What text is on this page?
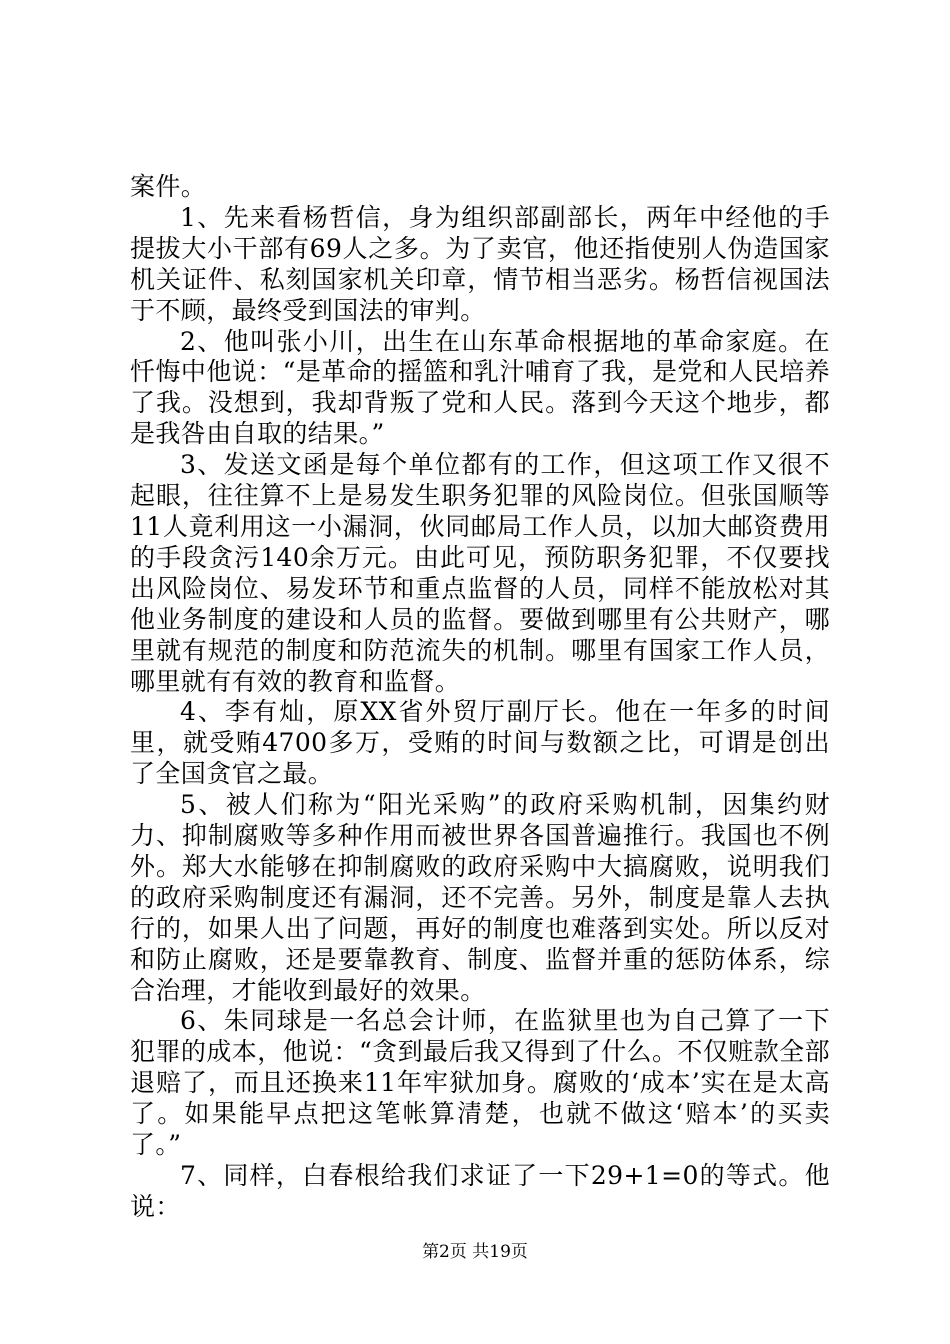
案件。

1、先来看杨哲信，身为组织部副部长，两年中经他的手提拔大小干部有69人之多。为了卖官，他还指使别人伪造国家机关证件、私刻国家机关印章，情节相当恶劣。杨哲信视国法于不顾，最终受到国法的审判。

2、他叫张小川，出生在山东革命根据地的革命家庭。在忏悔中他说：“是革命的摇篮和乳汁哺育了我，是党和人民培养了我。没想到，我却背叛了党和人民。落到今天这个地步，都是我咎由自取的结果。”

3、发送文函是每个单位都有的工作，但这项工作又很不起眼，往往算不上是易发生职务犯罪的风险岗位。但张国顺等11人竟利用这一小漏洞，伙同邮局工作人员，以加大邮资费用的手段贪污140余万元。由此可见，预防职务犯罪，不仅要找出风险岗位、易发环节和重点监督的人员，同样不能放松对其他业务制度的建设和人员的监督。要做到哪里有公共财产，哪里就有规范的制度和防范流失的机制。哪里有国家工作人员，哪里就有有效的教育和监督。

4、李有灿，原XX省外贸厅副厅长。他在一年多的时间里，就受贿4700多万，受贿的时间与数额之比，可谓是创出了全国贪官之最。

5、被人们称为“阳光采购”的政府采购机制，因集约财力、抑制腐败等多种作用而被世界各国普遍推行。我国也不例外。郑大水能够在抑制腐败的政府采购中大搞腐败，说明我们的政府采购制度还有漏洞，还不完善。另外，制度是靠人去执行的，如果人出了问题，再好的制度也难落到实处。所以反对和防止腐败，还是要靠教育、制度、监督并重的惩防体系，综合治理，才能收到最好的效果。

6、朱同球是一名总会计师，在监狱里也为自己算了一下犯罪的成本，他说：“贪到最后我又得到了什么。不仅赃款全部退赔了，而且还换来11年牢狱加身。腐败的‘成本’实在是太高了。如果能早点把这笔帐算清楚，也就不做这‘赔本’的买卖了。”

7、同样，白春根给我们求证了一下29+1=0的等式。他说：

第2页 共19页
